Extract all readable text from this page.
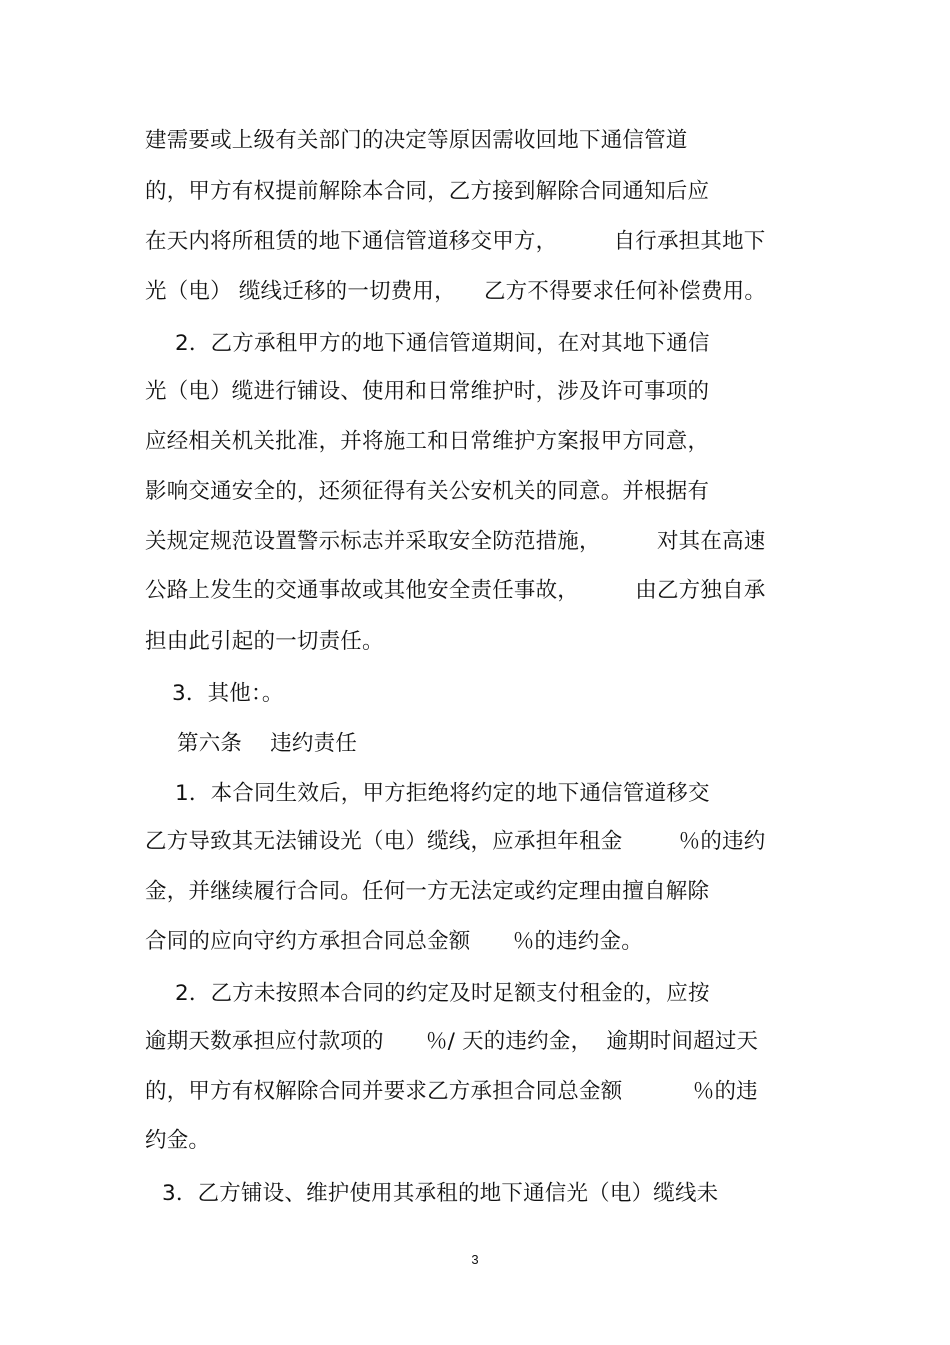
建需要或上级有关部门的决定等原因需收回地下通信管道
的，甲方有权提前解除本合同，乙方接到解除合同通知后应
在天内将所租赁的地下通信管道移交甲方，        自行承担其地下
光（电） 缆线迁移的一切费用，    乙方不得要求任何补偿费用。
2．乙方承租甲方的地下通信管道期间，在对其地下通信
光（电）缆进行铺设、使用和日常维护时，涉及许可事项的
应经相关机关批准，并将施工和日常维护方案报甲方同意，
影响交通安全的，还须征得有关公安机关的同意。并根据有
关规定规范设置警示标志并采取安全防范措施，        对其在高速
公路上发生的交通事故或其他安全责任事故，        由乙方独自承
担由此引起的一切责任。
3．其他：。
第六条    违约责任
1．本合同生效后，甲方拒绝将约定的地下通信管道移交
乙方导致其无法铺设光（电）缆线，应承担年租金        ％的违约
金，并继续履行合同。任何一方无法定或约定理由擅自解除
合同的应向守约方承担合同总金额      ％的违约金。
2．乙方未按照本合同的约定及时足额支付租金的，应按
逾期天数承担应付款项的      ％/ 天的违约金，  逾期时间超过天
的，甲方有权解除合同并要求乙方承担合同总金额          ％的违
约金。
3．乙方铺设、维护使用其承租的地下通信光（电）缆线未
3
